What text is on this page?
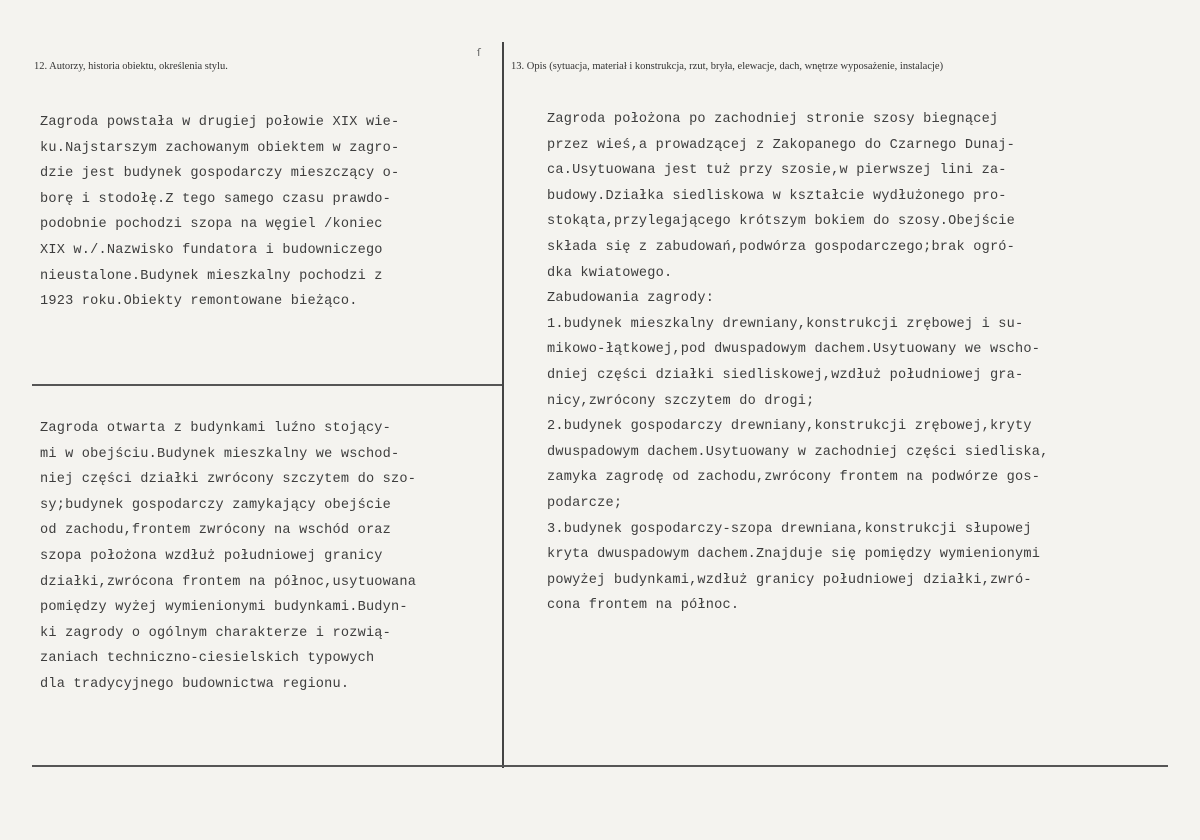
12. Autorzy, historia obiektu, określenia stylu.	13. Opis (sytuacja, materiał i konstrukcja, rzut, bryła, elewacje, dach, wnętrze wyposażenie, instalacje)
ſ
Zagroda powstała w drugiej połowie XIX wie-
ku.Najstarszym zachowanym obiektem w zagro-
dzie jest budynek gospodarczy mieszczący o-
borę i stodołę.Z tego samego czasu prawdo-
podobnie pochodzi szopa na węgiel /koniec
XIX w./.Nazwisko fundatora i budowniczego
nieustalone.Budynek mieszkalny pochodzi z
1923 roku.Obiekty remontowane bieżąco.
Zagroda otwarta z budynkami luźno stojący-
mi w obejściu.Budynek mieszkalny we wschod-
niej części działki zwrócony szczytem do szo-
sy;budynek gospodarczy zamykający obejście
od zachodu,frontem zwrócony na wschód oraz
szopa położona wzdłuż południowej granicy
działki,zwrócona frontem na północ,usytuowana
pomiędzy wyżej wymienionymi budynkami.Budyn-
ki zagrody o ogólnym charakterze i rozwią-
zaniach techniczno-ciesielskich typowych
dla tradycyjnego budownictwa regionu.
Zagroda położona po zachodniej stronie szosy biegnącej
przez wieś,a prowadzącej z Zakopanego do Czarnego Dunaj-
ca.Usytuowana jest tuż przy szosie,w pierwszej lini za-
budowy.Działka siedliskowa w kształcie wydłużonego pro-
stokąta,przylegającego krótszym bokiem do szosy.Obejście
składa się z zabudowań,podwórza gospodarczego;brak ogró-
dka kwiatowego.
Zabudowania zagrody:
1.budynek mieszkalny drewniany,konstrukcji zrębowej i su-
mikowo-łątkowej,pod dwuspadowym dachem.Usytuowany we wscho-
dniej części działki siedliskowej,wzdłuż południowej gra-
nicy,zwrócony szczytem do drogi;
2.budynek gospodarczy drewniany,konstrukcji zrębowej,kryty
dwuspadowym dachem.Usytuowany w zachodniej części siedliska,
zamyka zagrodę od zachodu,zwrócony frontem na podwórze gos-
podarcze;
3.budynek gospodarczy-szopa drewniana,konstrukcji słupowej
kryta dwuspadowym dachem.Znajduje się pomiędzy wymienionymi
powyżej budynkami,wzdłuż granicy południowej działki,zwró-
cona frontem na północ.
